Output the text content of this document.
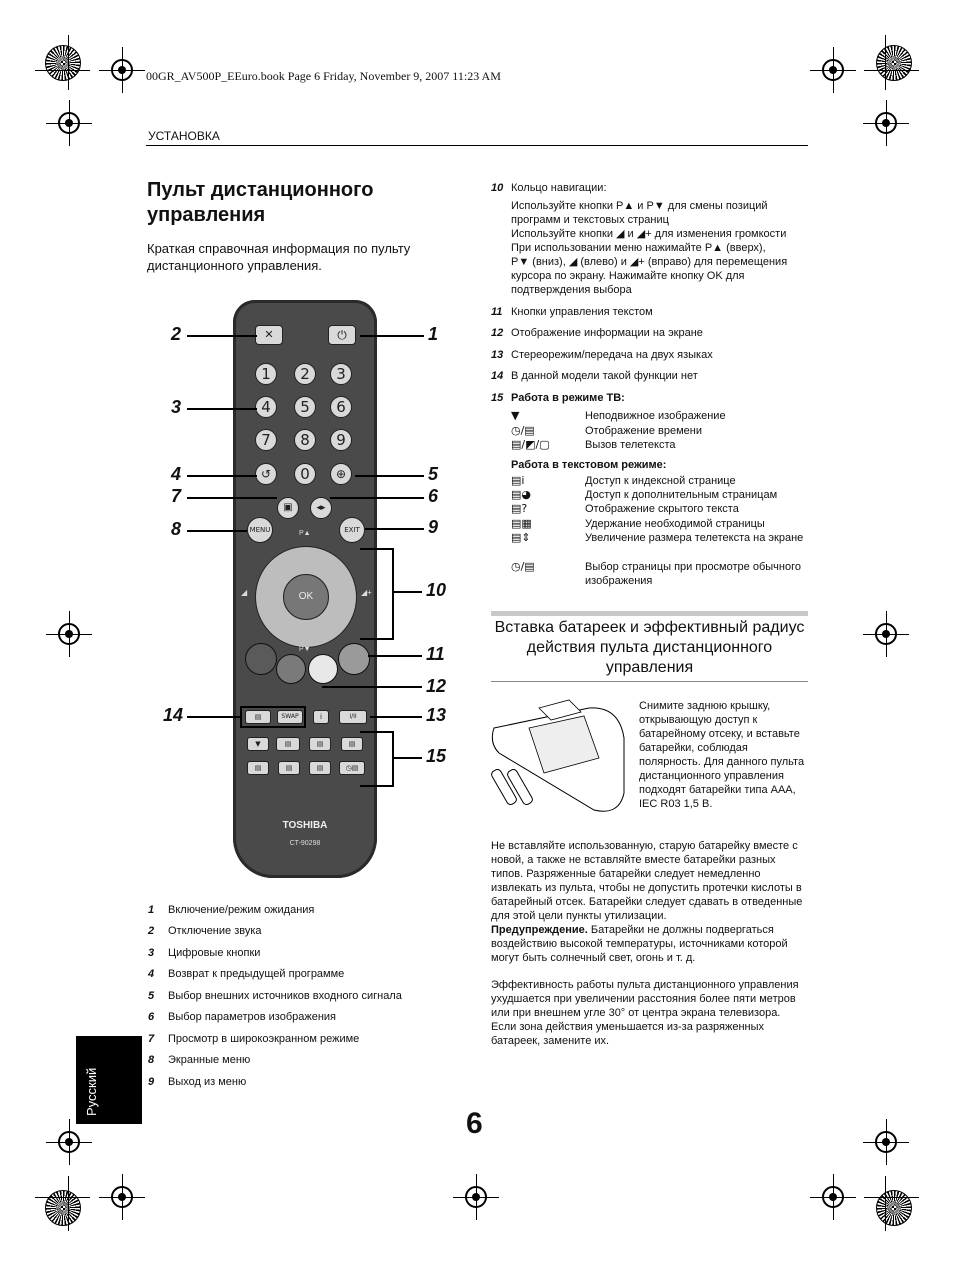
00GR_AV500P_EEuro.book Page 6 Friday, November 9, 2007 11:23 AM
УСТАНОВКА
Пульт дистанционного управления
Краткая справочная информация по пульту дистанционного управления.
✕	⏻
1	2	3
4	5	6
7	8	9
↺	0	⊕
▣	◂▸
MENU	EXIT
P▲
OK
◢	◢+
P▼
▤	SWAP	i	I/II
▼	▤	▤	▤
▤	▤	▤	◷▤
TOSHIBA
CT-90298
1
2
3
4	5
7	6
8	9
10
11
12
14	13
15
1 Включение/режим ожидания
2 Отключение звука
3 Цифровые кнопки
4 Возврат к предыдущей программе
5 Выбор внешних источников входного сигнала
6 Выбор параметров изображения
7 Просмотр в широкоэкранном режиме
8 Экранные меню
9 Выход из меню
10 Кольцо навигации:
Используйте кнопки P▲ и P▼ для смены позиций
программ и текстовых страниц
Используйте кнопки ◢ и ◢+ для изменения громкости
При использовании меню нажимайте P▲ (вверх),
P▼ (вниз), ◢ (влево) и ◢+ (вправо) для перемещения
курсора по экрану. Нажимайте кнопку OK для
подтверждения выбора
11 Кнопки управления текстом
12 Отображение информации на экране
13 Стереорежим/передача на двух языках
14 В данной модели такой функции нет
15 Работа в режиме ТВ:
▼	Неподвижное изображение
◷/▤	Отображение времени
▤/◩/▢	Вызов телетекста
Работа в текстовом режиме:
▤i	Доступ к индексной странице
▤◕	Доступ к дополнительным страницам
▤?	Отображение скрытого текста
▤▦	Удержание необходимой страницы
▤⇕	Увеличение размера телетекста на экране
◷/▤	Выбор страницы при просмотре обычного изображения
Вставка батареек и эффективный радиус действия пульта дистанционного управления
Снимите заднюю крышку, открывающую доступ к батарейному отсеку, и вставьте батарейки, соблюдая полярность. Для данного пульта дистанционного управления подходят батарейки типа AAA, IEC R03 1,5 В.
Не вставляйте использованную, старую батарейку вместе с новой, а также не вставляйте вместе батарейки разных типов. Разряженные батарейки следует немедленно извлекать из пульта, чтобы не допустить протечки кислоты в батарейный отсек. Батарейки следует сдавать в отведенные для этой цели пункты утилизации.
Предупреждение. Батарейки не должны подвергаться воздействию высокой температуры, источниками которой могут быть солнечный свет, огонь и т. д.
Эффективность работы пульта дистанционного управления ухудшается при увеличении расстояния более пяти метров или при внешнем угле 30° от центра экрана телевизора. Если зона действия уменьшается из-за разряженных батареек, замените их.
Русский
6
